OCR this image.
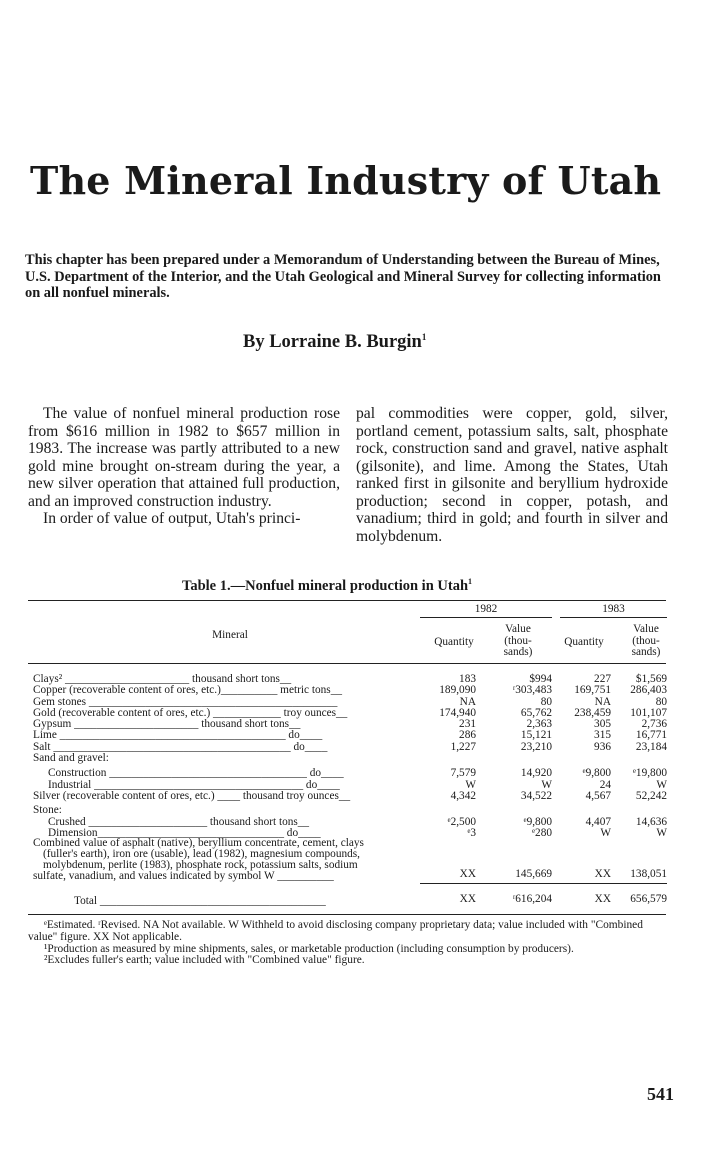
The Mineral Industry of Utah

This chapter has been prepared under a Memorandum of Understanding between the Bureau of Mines, U.S. Department of the Interior, and the Utah Geological and Mineral Survey for collecting information on all nonfuel minerals.

By Lorraine B. Burgin$^1$

The value of nonfuel mineral production rose from $616 million in 1982 to $657 million in 1983. The increase was partly attributed to a new gold mine brought on-stream during the year, a new silver operation that attained full production, and an improved construction industry.

In order of value of output, Utah's princi-

pal commodities were copper, gold, silver, portland cement, potassium salts, salt, phosphate rock, construction sand and gravel, native asphalt (gilsonite), and lime. Among the States, Utah ranked first in gilsonite and beryllium hydroxide production; second in copper, potash, and vanadium; third in gold; and fourth in silver and molybdenum.

Table 1.—Nonfuel mineral production in Utah$^1$
1982	1983
Mineral
Quantity
Value (thou- sands)
Quantity
Value (thou- sands)
Clays² ______________________ thousand short tons__	183	$994	227	$1,569
Copper (recoverable content of ores, etc.)__________ metric tons__	189,090	ʳ303,483	169,751	286,403
Gem stones ____________________________________________	NA	80	NA	80
Gold (recoverable content of ores, etc.) ____________ troy ounces__	174,940	65,762	238,459	101,107
Gypsum ______________________ thousand short tons__	231	2,363	305	2,736
Lime ________________________________________ do____	286	15,121	315	16,771
Salt __________________________________________ do____	1,227	23,210	936	23,184
Sand and gravel:
Construction ___________________________________ do____	7,579	14,920	ᵉ9,800	ᵉ19,800
Industrial _____________________________________ do____	W	W	24	W
Silver (recoverable content of ores, etc.) ____ thousand troy ounces__	4,342	34,522	4,567	52,242
Stone:
Crushed _____________________ thousand short tons__	ᵉ2,500	ᵉ9,800	4,407	14,636
Dimension_________________________________ do____	ᵉ3	ᵉ280	W	W
Combined value of asphalt (native), beryllium concentrate, cement, clays
(fuller's earth), iron ore (usable), lead (1982), magnesium compounds,
molybdenum, perlite (1983), phosphate rock, potassium salts, sodium
sulfate, vanadium, and values indicated by symbol W __________	XX	145,669	XX	138,051
Total ________________________________________	XX	ʳ616,204	XX	656,579

ᵉEstimated. ʳRevised. NA Not available. W Withheld to avoid disclosing company proprietary data; value included with "Combined value" figure. XX Not applicable.

¹Production as measured by mine shipments, sales, or marketable production (including consumption by producers).

²Excludes fuller's earth; value included with "Combined value" figure.

541
